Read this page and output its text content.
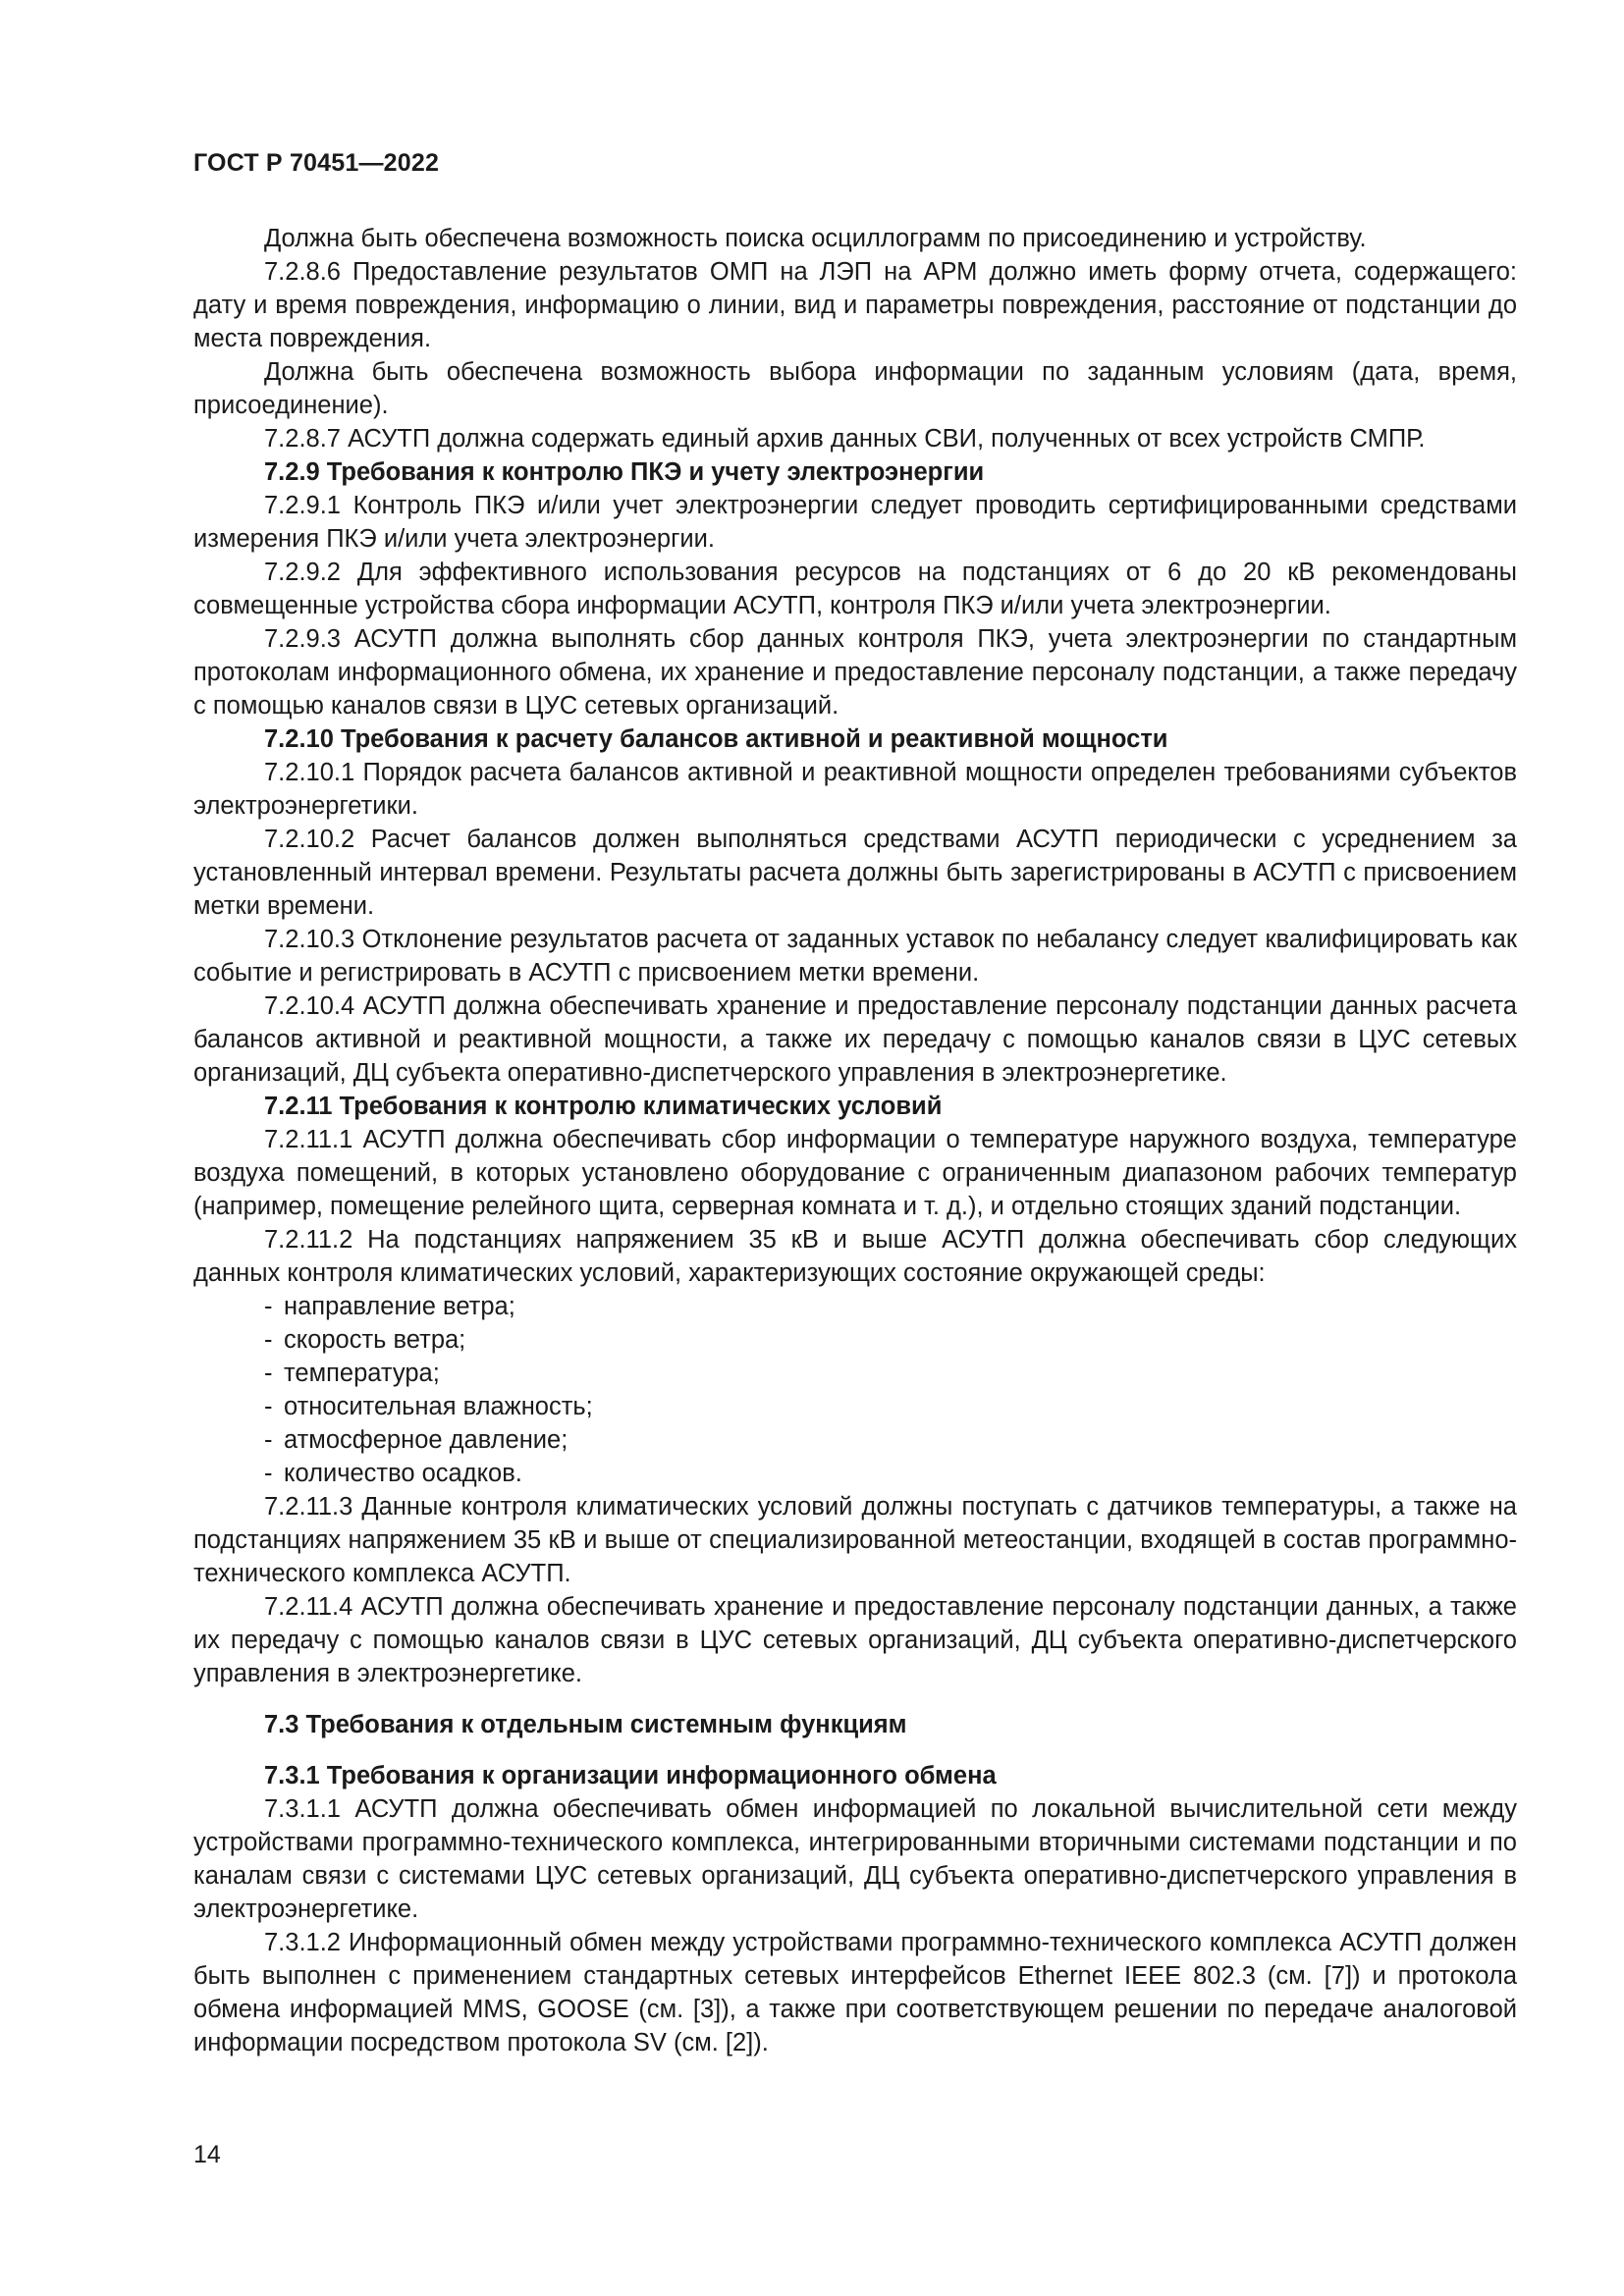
ГОСТ Р 70451—2022

Должна быть обеспечена возможность поиска осциллограмм по присоединению и устройству.

7.2.8.6 Предоставление результатов ОМП на ЛЭП на АРМ должно иметь форму отчета, содержащего: дату и время повреждения, информацию о линии, вид и параметры повреждения, расстояние от подстанции до места повреждения.

Должна быть обеспечена возможность выбора информации по заданным условиям (дата, время, присоединение).

7.2.8.7 АСУТП должна содержать единый архив данных СВИ, полученных от всех устройств СМПР.

7.2.9 Требования к контролю ПКЭ и учету электроэнергии

7.2.9.1 Контроль ПКЭ и/или учет электроэнергии следует проводить сертифицированными средствами измерения ПКЭ и/или учета электроэнергии.

7.2.9.2 Для эффективного использования ресурсов на подстанциях от 6 до 20 кВ рекомендованы совмещенные устройства сбора информации АСУТП, контроля ПКЭ и/или учета электроэнергии.

7.2.9.3 АСУТП должна выполнять сбор данных контроля ПКЭ, учета электроэнергии по стандартным протоколам информационного обмена, их хранение и предоставление персоналу подстанции, а также передачу с помощью каналов связи в ЦУС сетевых организаций.

7.2.10 Требования к расчету балансов активной и реактивной мощности

7.2.10.1 Порядок расчета балансов активной и реактивной мощности определен требованиями субъектов электроэнергетики.

7.2.10.2 Расчет балансов должен выполняться средствами АСУТП периодически с усреднением за установленный интервал времени. Результаты расчета должны быть зарегистрированы в АСУТП с присвоением метки времени.

7.2.10.3 Отклонение результатов расчета от заданных уставок по небалансу следует квалифицировать как событие и регистрировать в АСУТП с присвоением метки времени.

7.2.10.4 АСУТП должна обеспечивать хранение и предоставление персоналу подстанции данных расчета балансов активной и реактивной мощности, а также их передачу с помощью каналов связи в ЦУС сетевых организаций, ДЦ субъекта оперативно-диспетчерского управления в электроэнергетике.

7.2.11 Требования к контролю климатических условий

7.2.11.1 АСУТП должна обеспечивать сбор информации о температуре наружного воздуха, температуре воздуха помещений, в которых установлено оборудование с ограниченным диапазоном рабочих температур (например, помещение релейного щита, серверная комната и т. д.), и отдельно стоящих зданий подстанции.

7.2.11.2 На подстанциях напряжением 35 кВ и выше АСУТП должна обеспечивать сбор следующих данных контроля климатических условий, характеризующих состояние окружающей среды:

- направление ветра;
- скорость ветра;
- температура;
- относительная влажность;
- атмосферное давление;
- количество осадков.

7.2.11.3 Данные контроля климатических условий должны поступать с датчиков температуры, а также на подстанциях напряжением 35 кВ и выше от специализированной метеостанции, входящей в состав программно-технического комплекса АСУТП.

7.2.11.4 АСУТП должна обеспечивать хранение и предоставление персоналу подстанции данных, а также их передачу с помощью каналов связи в ЦУС сетевых организаций, ДЦ субъекта оперативно-диспетчерского управления в электроэнергетике.

7.3 Требования к отдельным системным функциям

7.3.1 Требования к организации информационного обмена

7.3.1.1 АСУТП должна обеспечивать обмен информацией по локальной вычислительной сети между устройствами программно-технического комплекса, интегрированными вторичными системами подстанции и по каналам связи с системами ЦУС сетевых организаций, ДЦ субъекта оперативно-диспетчерского управления в электроэнергетике.

7.3.1.2 Информационный обмен между устройствами программно-технического комплекса АСУТП должен быть выполнен с применением стандартных сетевых интерфейсов Ethernet IEEE 802.3 (см. [7]) и протокола обмена информацией MMS, GOOSE (см. [3]), а также при соответствующем решении по передаче аналоговой информации посредством протокола SV (см. [2]).

14
